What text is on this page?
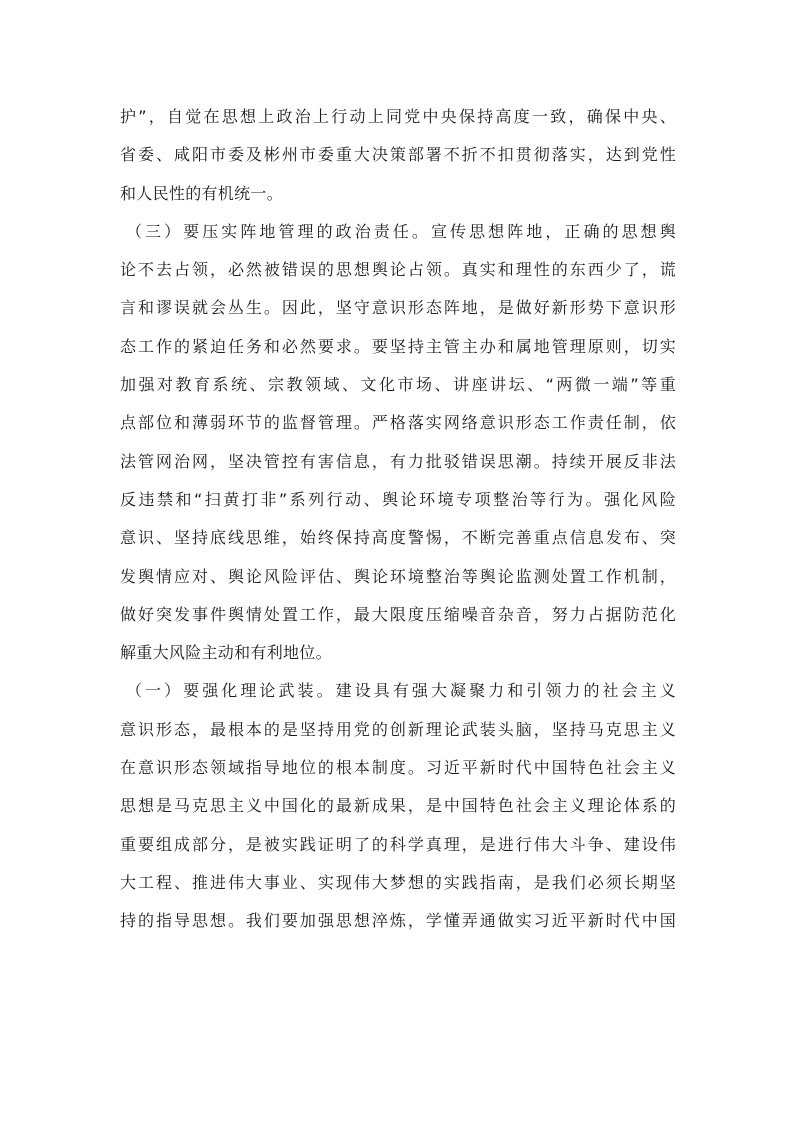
护”，自觉在思想上政治上行动上同党中央保持高度一致，确保中央、
省委、咸阳市委及彬州市委重大决策部署不折不扣贯彻落实，达到党性
和人民性的有机统一。
（三）要压实阵地管理的政治责任。宣传思想阵地，正确的思想舆
论不去占领，必然被错误的思想舆论占领。真实和理性的东西少了，谎
言和谬误就会丛生。因此，坚守意识形态阵地，是做好新形势下意识形
态工作的紧迫任务和必然要求。要坚持主管主办和属地管理原则，切实
加强对教育系统、宗教领域、文化市场、讲座讲坛、“两微一端”等重
点部位和薄弱环节的监督管理。严格落实网络意识形态工作责任制，依
法管网治网，坚决管控有害信息，有力批驳错误思潮。持续开展反非法
反违禁和“扫黄打非”系列行动、舆论环境专项整治等行为。强化风险
意识、坚持底线思维，始终保持高度警惕，不断完善重点信息发布、突
发舆情应对、舆论风险评估、舆论环境整治等舆论监测处置工作机制，
做好突发事件舆情处置工作，最大限度压缩噪音杂音，努力占据防范化
解重大风险主动和有利地位。
（一）要强化理论武装。建设具有强大凝聚力和引领力的社会主义
意识形态，最根本的是坚持用党的创新理论武装头脑，坚持马克思主义
在意识形态领域指导地位的根本制度。习近平新时代中国特色社会主义
思想是马克思主义中国化的最新成果，是中国特色社会主义理论体系的
重要组成部分，是被实践证明了的科学真理，是进行伟大斗争、建设伟
大工程、推进伟大事业、实现伟大梦想的实践指南，是我们必须长期坚
持的指导思想。我们要加强思想淬炼，学懂弄通做实习近平新时代中国
